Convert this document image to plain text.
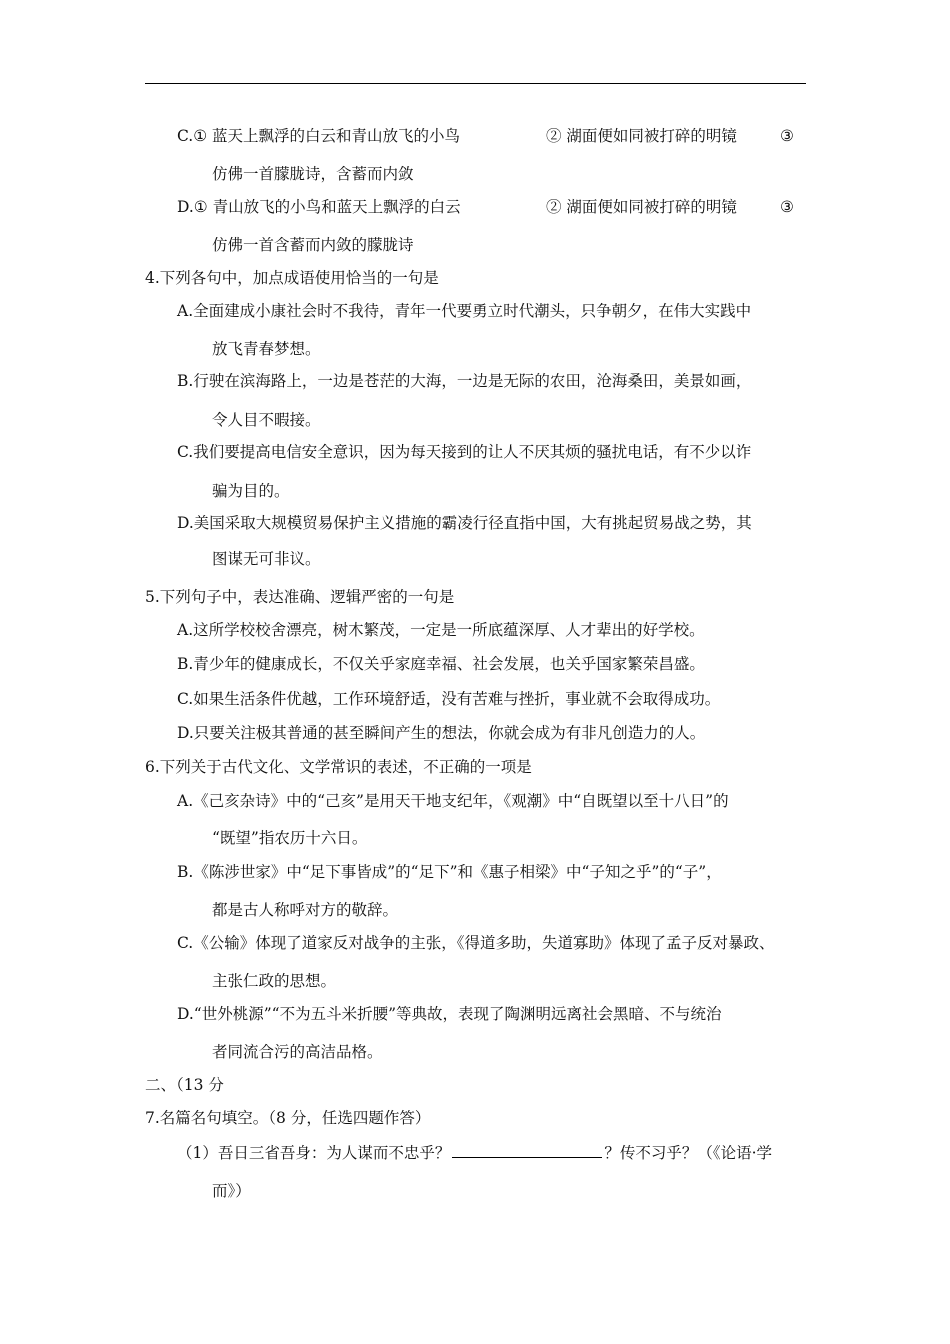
C.① 蓝天上飘浮的白云和青山放飞的小鸟	② 湖面便如同被打碎的明镜	③
仿佛一首朦胧诗，含蓄而内敛
D.① 青山放飞的小鸟和蓝天上飘浮的白云	② 湖面便如同被打碎的明镜	③
仿佛一首含蓄而内敛的朦胧诗
4.下列各句中，加点成语使用恰当的一句是
A.全面建成小康社会时不我待，青年一代要勇立时代潮头，只争朝夕，在伟大实践中
放飞青春梦想。
B.行驶在滨海路上，一边是苍茫的大海，一边是无际的农田，沧海桑田，美景如画，
令人目不暇接。
C.我们要提高电信安全意识，因为每天接到的让人不厌其烦的骚扰电话，有不少以诈
骗为目的。
D.美国采取大规模贸易保护主义措施的霸凌行径直指中国，大有挑起贸易战之势，其
图谋无可非议。
5.下列句子中，表达准确、逻辑严密的一句是
A.这所学校校舍漂亮，树木繁茂，一定是一所底蕴深厚、人才辈出的好学校。
B.青少年的健康成长，不仅关乎家庭幸福、社会发展，也关乎国家繁荣昌盛。
C.如果生活条件优越，工作环境舒适，没有苦难与挫折，事业就不会取得成功。
D.只要关注极其普通的甚至瞬间产生的想法，你就会成为有非凡创造力的人。
6.下列关于古代文化、文学常识的表述，不正确的一项是
A.《己亥杂诗》中的“己亥”是用天干地支纪年，《观潮》中“自既望以至十八日”的
“既望”指农历十六日。
B.《陈涉世家》中“足下事皆成”的“足下”和《惠子相梁》中“子知之乎”的“子”，
都是古人称呼对方的敬辞。
C.《公输》体现了道家反对战争的主张，《得道多助，失道寡助》体现了孟子反对暴政、
主张仁政的思想。
D.“世外桃源”“不为五斗米折腰”等典故，表现了陶渊明远离社会黑暗、不与统治
者同流合污的高洁品格。
二、（13 分
7.名篇名句填空。（8 分，任选四题作答）
（1）吾日三省吾身：为人谋而不忠乎？	？传不习乎？（《论语·学
而》）
